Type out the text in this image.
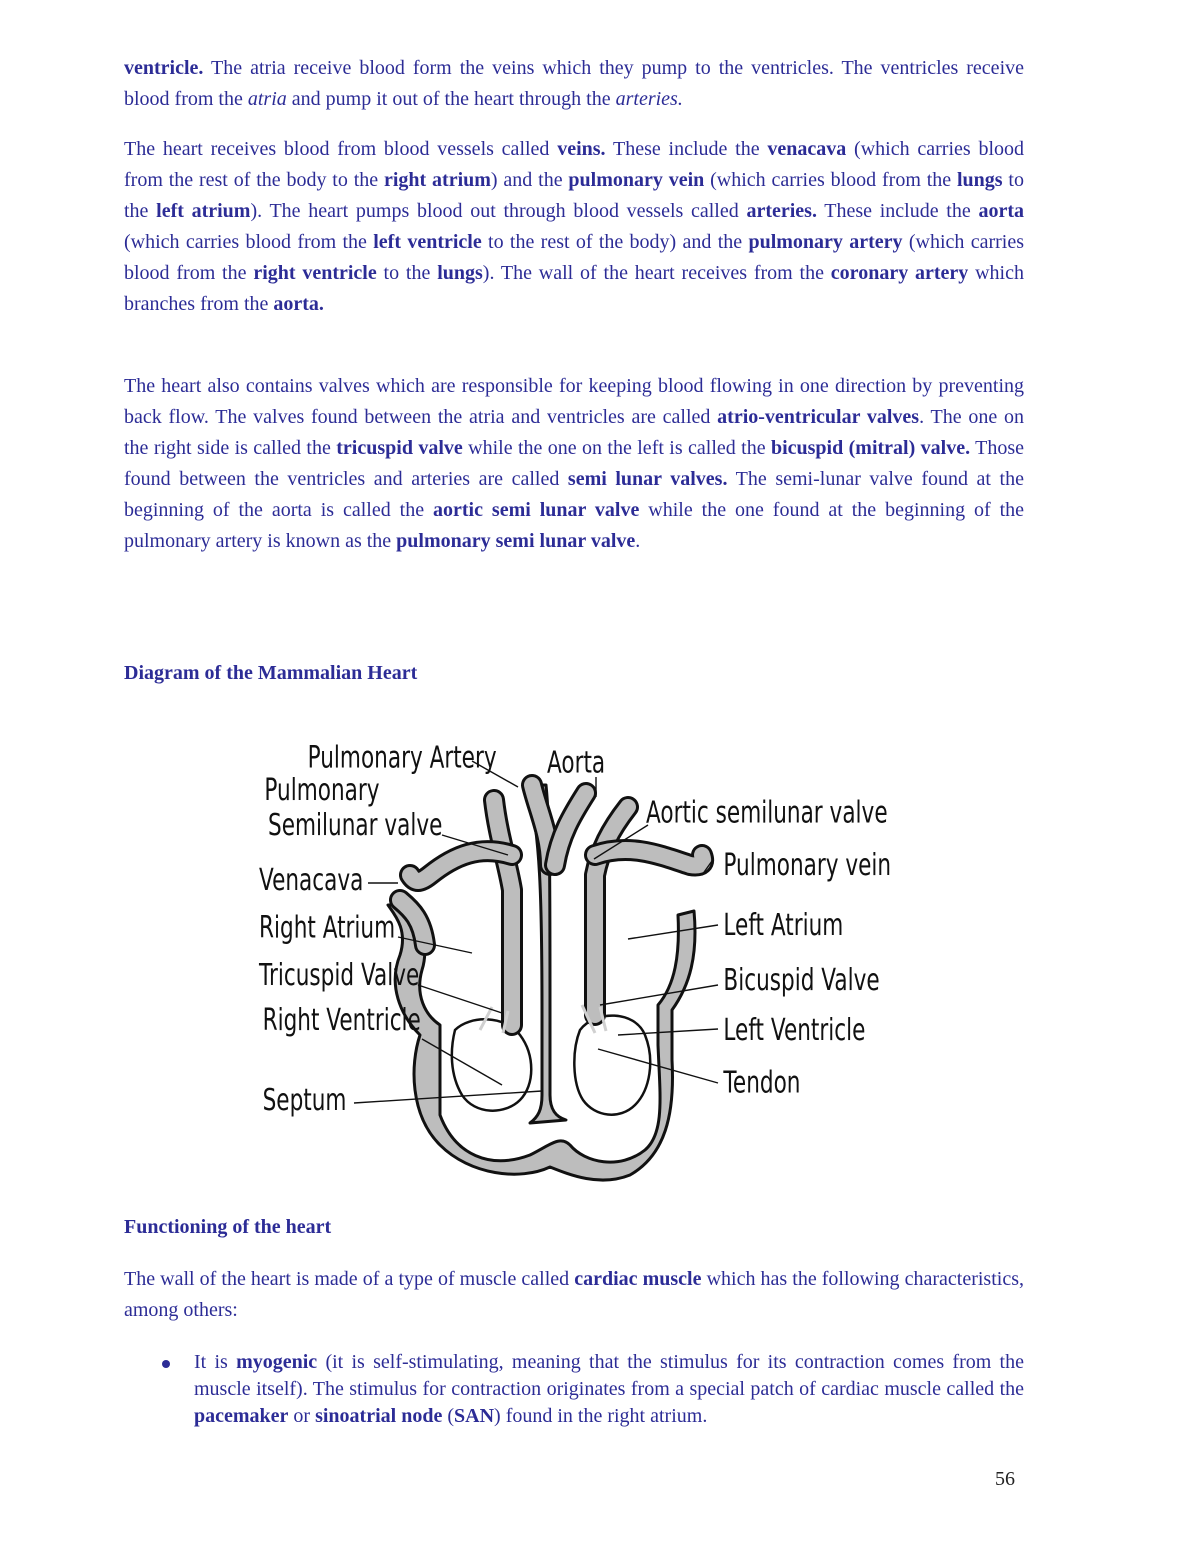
ventricle. The atria receive blood form the veins which they pump to the ventricles. The ventricles receive blood from the atria and pump it out of the heart through the arteries.

The heart receives blood from blood vessels called veins. These include the venacava (which carries blood from the rest of the body to the right atrium) and the pulmonary vein (which carries blood from the lungs to the left atrium). The heart pumps blood out through blood vessels called arteries. These include the aorta (which carries blood from the left ventricle to the rest of the body) and the pulmonary artery (which carries blood from the right ventricle to the lungs). The wall of the heart receives from the coronary artery which branches from the aorta.

The heart also contains valves which are responsible for keeping blood flowing in one direction by preventing back flow. The valves found between the atria and ventricles are called atrio-ventricular valves. The one on the right side is called the tricuspid valve while the one on the left is called the bicuspid (mitral) valve. Those found between the ventricles and arteries are called semi lunar valves. The semi-lunar valve found at the beginning of the aorta is called the aortic semi lunar valve while the one found at the beginning of the pulmonary artery is known as the pulmonary semi lunar valve.

Diagram of the Mammalian Heart
Pulmonary Artery Aorta
Pulmonary
Semilunar valve	Aortic semilunar valve
Venacava	Pulmonary vein
Right Atrium	Left Atrium
Tricuspid Valve	Bicuspid Valve
Right Ventricle	Left Ventricle
Tendon
Septum
Functioning of the heart

The wall of the heart is made of a type of muscle called cardiac muscle which has the following characteristics, among others:

It is myogenic (it is self-stimulating, meaning that the stimulus for its contraction comes from the muscle itself). The stimulus for contraction originates from a special patch of cardiac muscle called the pacemaker or sinoatrial node (SAN) found in the right atrium.

56
